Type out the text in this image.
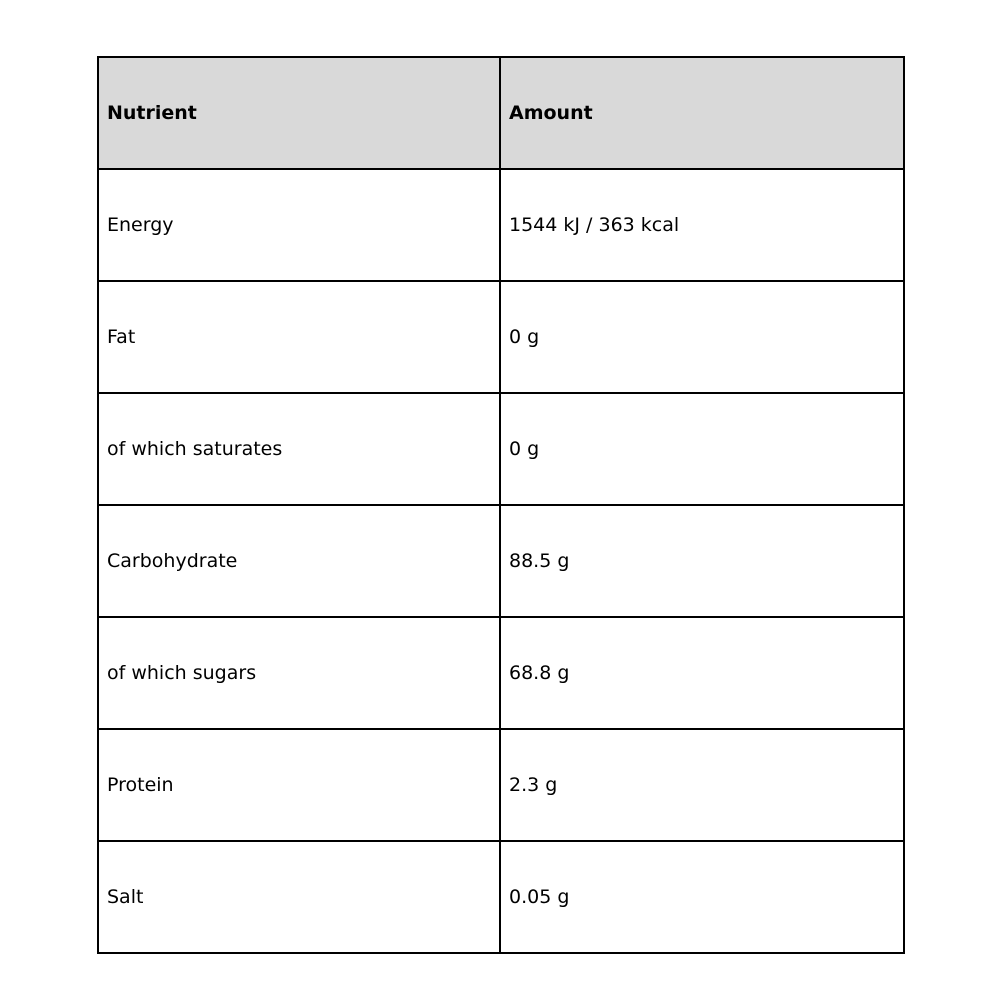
Nutrient	Amount
Energy	1544 kJ / 363 kcal
Fat	0 g
of which saturates	0 g
Carbohydrate	88.5 g
of which sugars	68.8 g
Protein	2.3 g
Salt	0.05 g
